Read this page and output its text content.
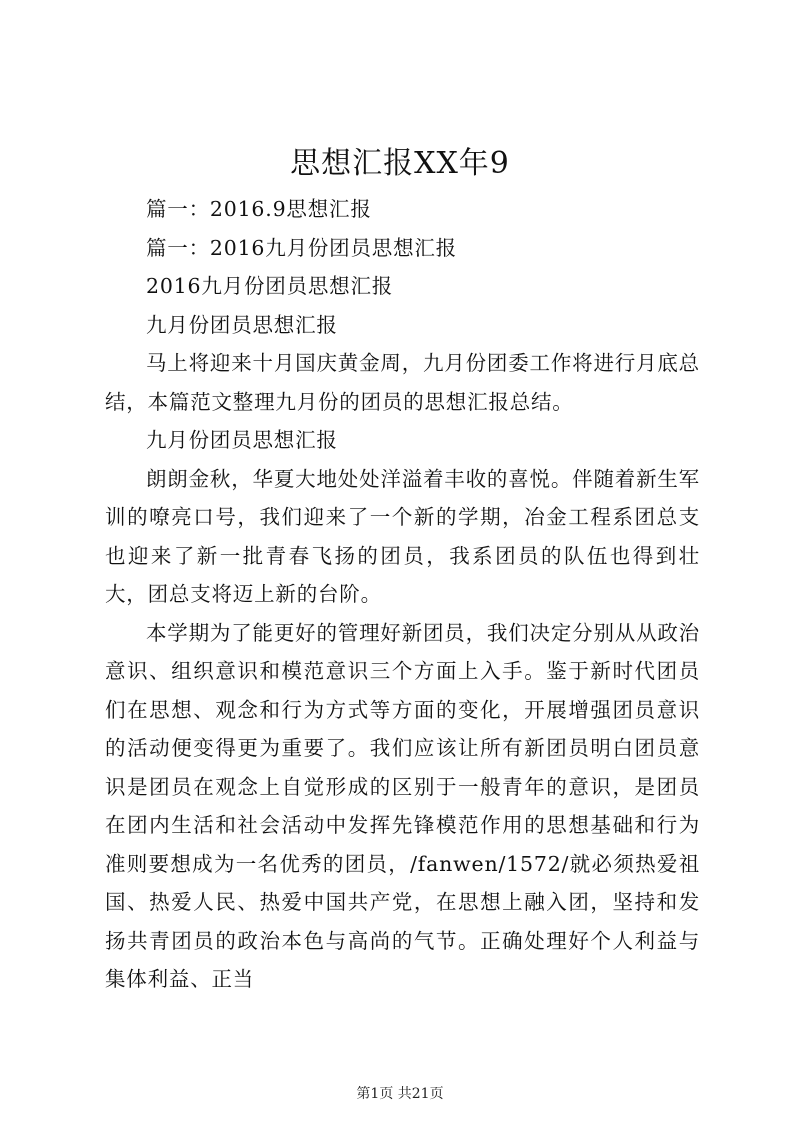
思想汇报XX年9

篇一：2016.9思想汇报

篇一：2016九月份团员思想汇报

2016九月份团员思想汇报

九月份团员思想汇报

马上将迎来十月国庆黄金周，九月份团委工作将进行月底总结，本篇范文整理九月份的团员的思想汇报总结。

九月份团员思想汇报

朗朗金秋，华夏大地处处洋溢着丰收的喜悦。伴随着新生军训的嘹亮口号，我们迎来了一个新的学期，冶金工程系团总支也迎来了新一批青春飞扬的团员，我系团员的队伍也得到壮大，团总支将迈上新的台阶。

本学期为了能更好的管理好新团员，我们决定分别从从政治意识、组织意识和模范意识三个方面上入手。鉴于新时代团员们在思想、观念和行为方式等方面的变化，开展增强团员意识的活动便变得更为重要了。我们应该让所有新团员明白团员意识是团员在观念上自觉形成的区别于一般青年的意识，是团员在团内生活和社会活动中发挥先锋模范作用的思想基础和行为准则要想成为一名优秀的团员，/fanwen/1572/就必须热爱祖国、热爱人民、热爱中国共产党，在思想上融入团，坚持和发扬共青团员的政治本色与高尚的气节。正确处理好个人利益与集体利益、正当

第1页 共21页
